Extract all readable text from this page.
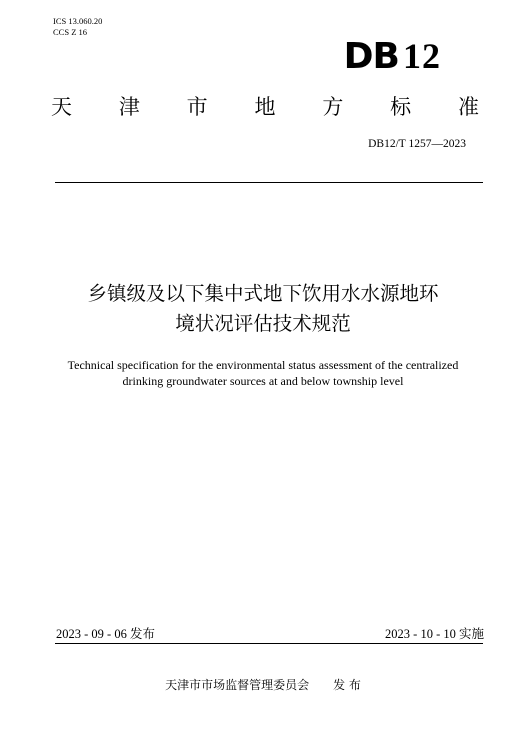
ICS 13.060.20
CCS Z 16
DB 12
天 津 市 地 方 标 准
DB12/T 1257—2023
乡镇级及以下集中式地下饮用水水源地环
境状况评估技术规范
Technical specification for the environmental status assessment of the centralized
drinking groundwater sources at and below township level
2023 - 09 - 06 发布	2023 - 10 - 10 实施
天津市市场监督管理委员会 发 布
